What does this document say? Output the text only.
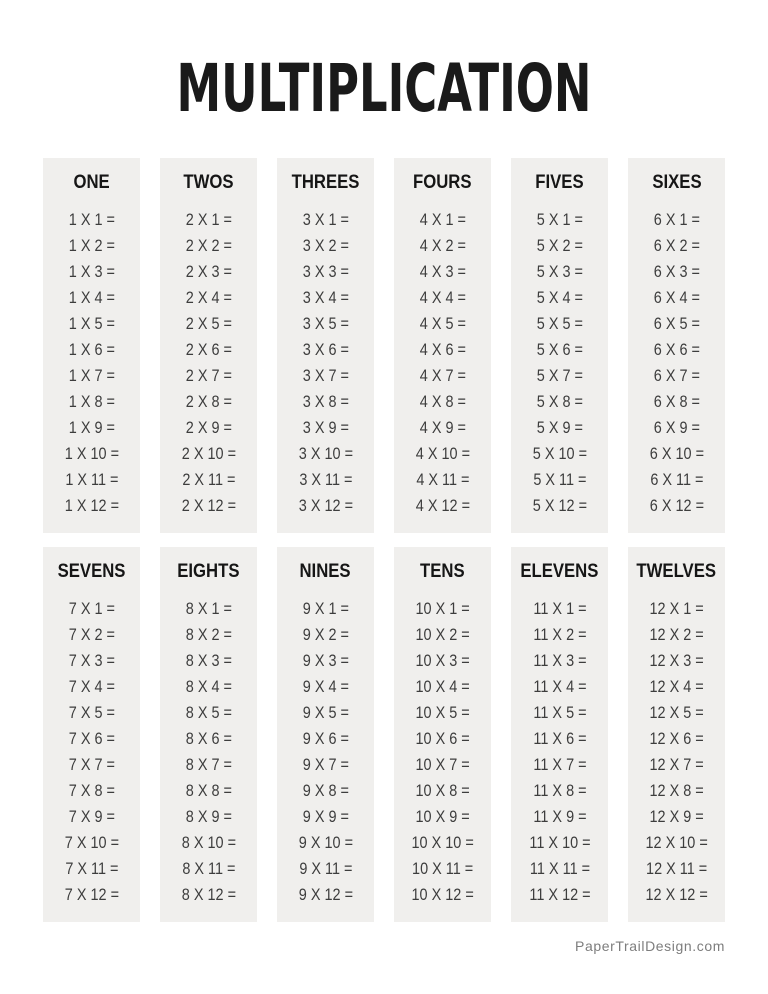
MULTIPLICATION
ONE
1 X 1 =
1 X 2 =
1 X 3 =
1 X 4 =
1 X 5 =
1 X 6 =
1 X 7 =
1 X 8 =
1 X 9 =
1 X 10 =
1 X 11 =
1 X 12 =
TWOS
2 X 1 =
2 X 2 =
2 X 3 =
2 X 4 =
2 X 5 =
2 X 6 =
2 X 7 =
2 X 8 =
2 X 9 =
2 X 10 =
2 X 11 =
2 X 12 =
THREES
3 X 1 =
3 X 2 =
3 X 3 =
3 X 4 =
3 X 5 =
3 X 6 =
3 X 7 =
3 X 8 =
3 X 9 =
3 X 10 =
3 X 11 =
3 X 12 =
FOURS
4 X 1 =
4 X 2 =
4 X 3 =
4 X 4 =
4 X 5 =
4 X 6 =
4 X 7 =
4 X 8 =
4 X 9 =
4 X 10 =
4 X 11 =
4 X 12 =
FIVES
5 X 1 =
5 X 2 =
5 X 3 =
5 X 4 =
5 X 5 =
5 X 6 =
5 X 7 =
5 X 8 =
5 X 9 =
5 X 10 =
5 X 11 =
5 X 12 =
SIXES
6 X 1 =
6 X 2 =
6 X 3 =
6 X 4 =
6 X 5 =
6 X 6 =
6 X 7 =
6 X 8 =
6 X 9 =
6 X 10 =
6 X 11 =
6 X 12 =
SEVENS
7 X 1 =
7 X 2 =
7 X 3 =
7 X 4 =
7 X 5 =
7 X 6 =
7 X 7 =
7 X 8 =
7 X 9 =
7 X 10 =
7 X 11 =
7 X 12 =
EIGHTS
8 X 1 =
8 X 2 =
8 X 3 =
8 X 4 =
8 X 5 =
8 X 6 =
8 X 7 =
8 X 8 =
8 X 9 =
8 X 10 =
8 X 11 =
8 X 12 =
NINES
9 X 1 =
9 X 2 =
9 X 3 =
9 X 4 =
9 X 5 =
9 X 6 =
9 X 7 =
9 X 8 =
9 X 9 =
9 X 10 =
9 X 11 =
9 X 12 =
TENS
10 X 1 =
10 X 2 =
10 X 3 =
10 X 4 =
10 X 5 =
10 X 6 =
10 X 7 =
10 X 8 =
10 X 9 =
10 X 10 =
10 X 11 =
10 X 12 =
ELEVENS
11 X 1 =
11 X 2 =
11 X 3 =
11 X 4 =
11 X 5 =
11 X 6 =
11 X 7 =
11 X 8 =
11 X 9 =
11 X 10 =
11 X 11 =
11 X 12 =
TWELVES
12 X 1 =
12 X 2 =
12 X 3 =
12 X 4 =
12 X 5 =
12 X 6 =
12 X 7 =
12 X 8 =
12 X 9 =
12 X 10 =
12 X 11 =
12 X 12 =
PaperTrailDesign.com
